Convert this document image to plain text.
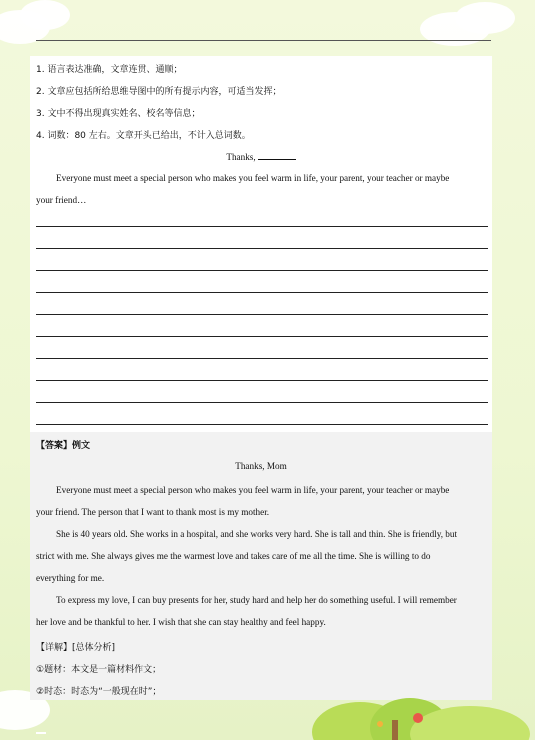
1. 语言表达准确，文章连贯、通顺；
2. 文章应包括所给思维导图中的所有提示内容，可适当发挥；
3. 文中不得出现真实姓名、校名等信息；
4. 词数：80 左右。文章开头已给出，不计入总词数。
Thanks,
Everyone must meet a special person who makes you feel warm in life, your parent, your teacher or maybe
your friend…
【答案】例文
Thanks, Mom
Everyone must meet a special person who makes you feel warm in life, your parent, your teacher or maybe
your friend. The person that I want to thank most is my mother.
She is 40 years old. She works in a hospital, and she works very hard. She is tall and thin. She is friendly, but
strict with me. She always gives me the warmest love and takes care of me all the time. She is willing to do
everything for me.
To express my love, I can buy presents for her, study hard and help her do something useful. I will remember
her love and be thankful to her. I wish that she can stay healthy and feel happy.
【详解】[总体分析]
①题材：本文是一篇材料作文；
②时态：时态为“一般现在时”；
